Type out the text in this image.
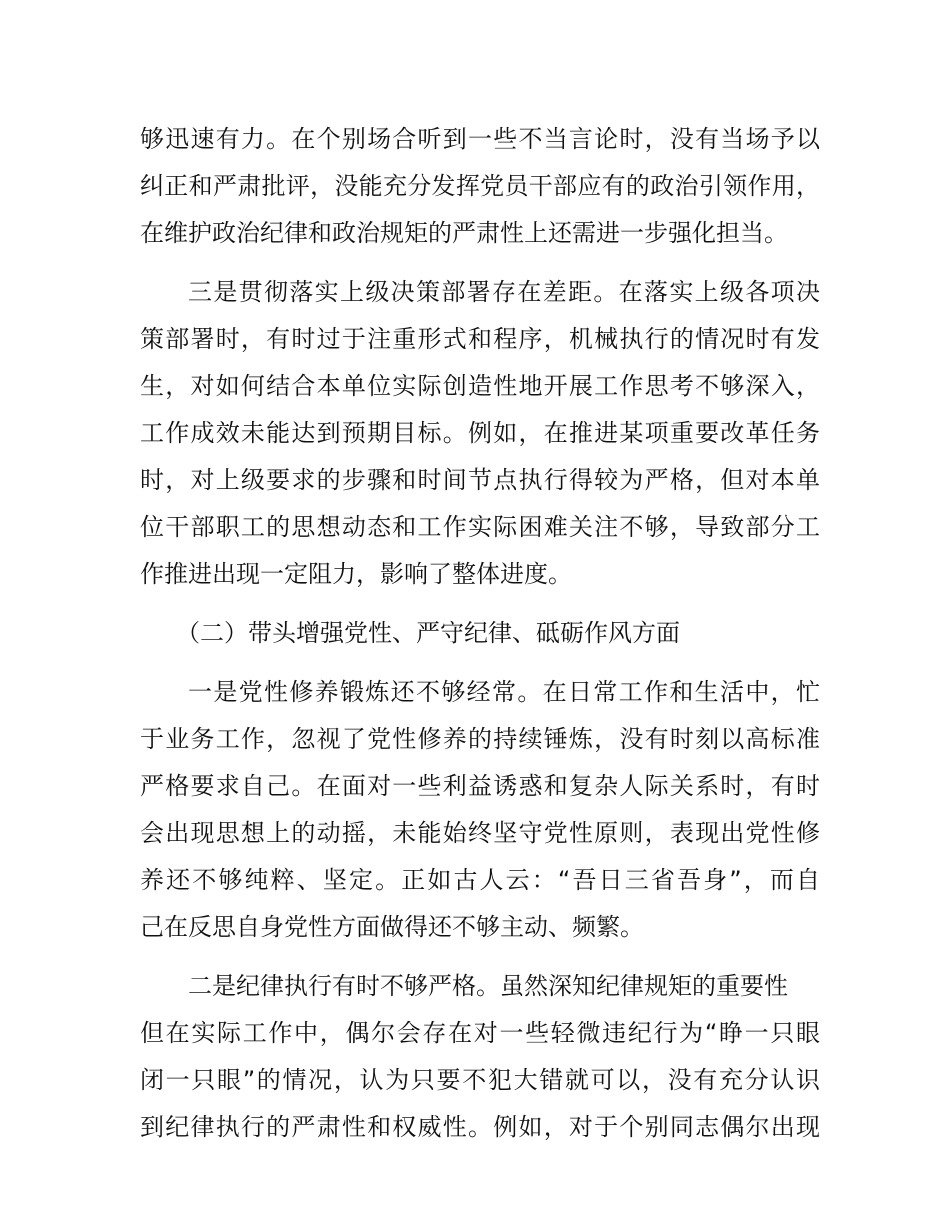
够迅速有力。在个别场合听到一些不当言论时，没有当场予以
纠正和严肃批评，没能充分发挥党员干部应有的政治引领作用，
在维护政治纪律和政治规矩的严肃性上还需进一步强化担当。
三是贯彻落实上级决策部署存在差距。在落实上级各项决
策部署时，有时过于注重形式和程序，机械执行的情况时有发
生，对如何结合本单位实际创造性地开展工作思考不够深入，
工作成效未能达到预期目标。例如，在推进某项重要改革任务
时，对上级要求的步骤和时间节点执行得较为严格，但对本单
位干部职工的思想动态和工作实际困难关注不够，导致部分工
作推进出现一定阻力，影响了整体进度。
（二）带头增强党性、严守纪律、砥砺作风方面
一是党性修养锻炼还不够经常。在日常工作和生活中，忙
于业务工作，忽视了党性修养的持续锤炼，没有时刻以高标准
严格要求自己。在面对一些利益诱惑和复杂人际关系时，有时
会出现思想上的动摇，未能始终坚守党性原则，表现出党性修
养还不够纯粹、坚定。正如古人云：“吾日三省吾身”，而自
己在反思自身党性方面做得还不够主动、频繁。
二是纪律执行有时不够严格。虽然深知纪律规矩的重要性
但在实际工作中，偶尔会存在对一些轻微违纪行为“睁一只眼
闭一只眼”的情况，认为只要不犯大错就可以，没有充分认识
到纪律执行的严肃性和权威性。例如，对于个别同志偶尔出现
